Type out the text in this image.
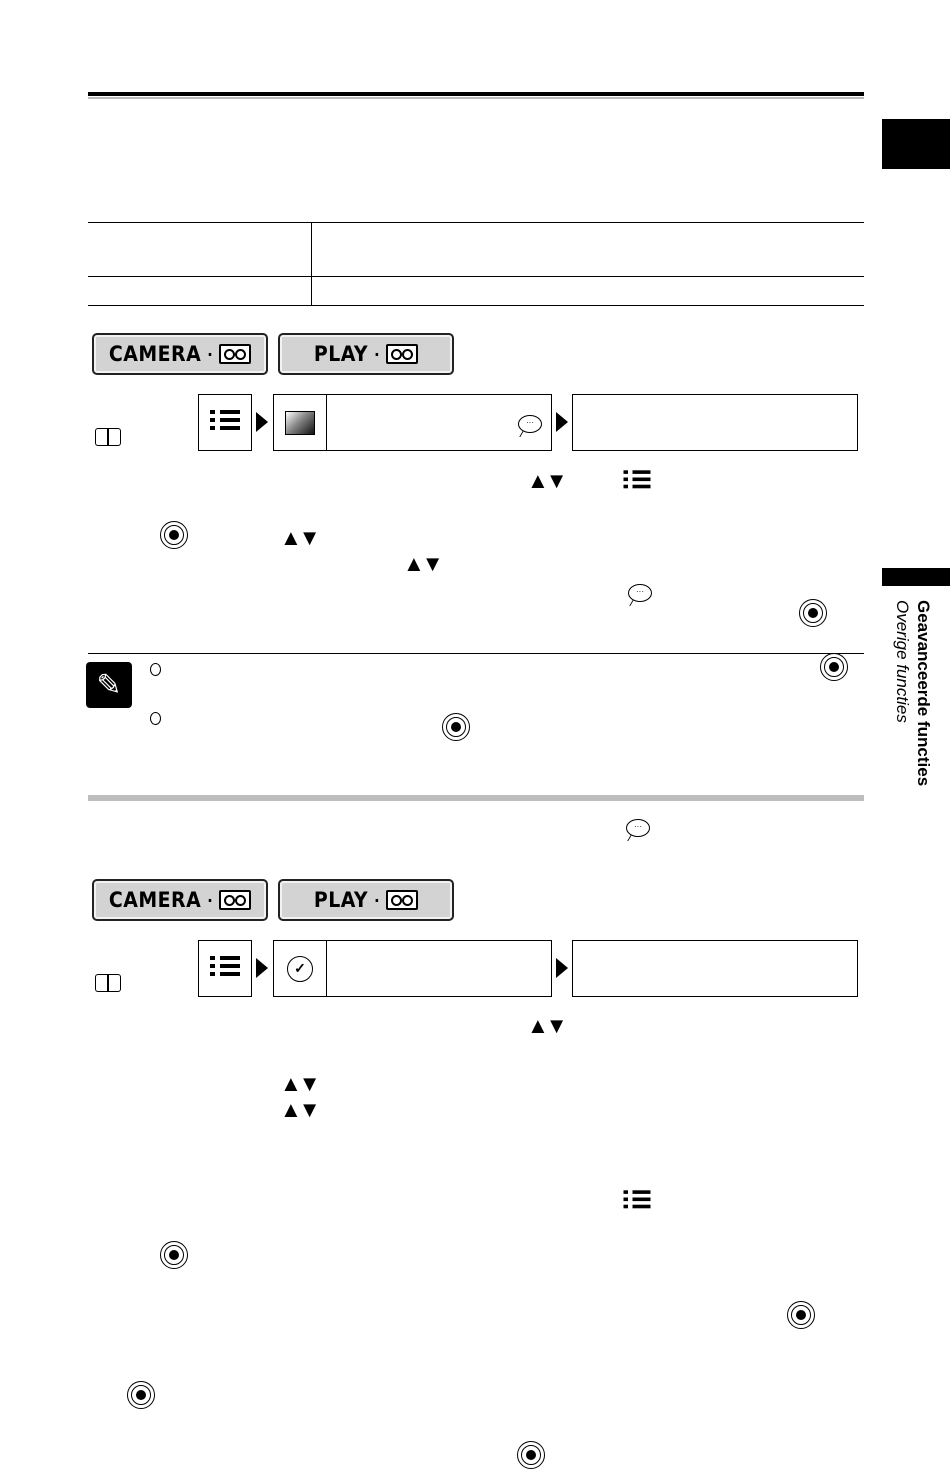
Geavanceerde functies
Overige functies
CAMERA ·	PLAY ·
···
▲▼
▲▼
···
▲▼
✎
···
CAMERA ·	PLAY ·
✓
▲▼
▲▼
▲▼
